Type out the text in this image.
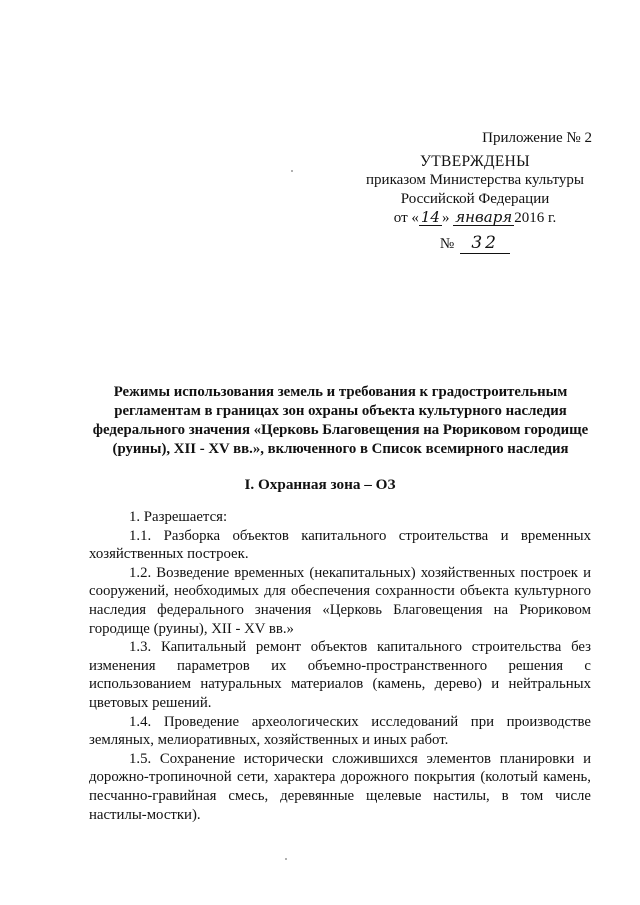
Приложение № 2
УТВЕРЖДЕНЫ
приказом Министерства культуры
Российской Федерации
от « 14 » января 2016 г.
№ 32
Режимы использования земель и требования к градостроительным регламентам в границах зон охраны объекта культурного наследия федерального значения «Церковь Благовещения на Рюриковом городище (руины), XII - XV вв.», включенного в Список всемирного наследия
I. Охранная зона – ОЗ

1. Разрешается:

1.1. Разборка объектов капитального строительства и временных хозяйственных построек.

1.2. Возведение временных (некапитальных) хозяйственных построек и сооружений, необходимых для обеспечения сохранности объекта культурного наследия федерального значения «Церковь Благовещения на Рюриковом городище (руины), XII - XV вв.»

1.3. Капитальный ремонт объектов капитального строительства без изменения параметров их объемно-пространственного решения с использованием натуральных материалов (камень, дерево) и нейтральных цветовых решений.

1.4. Проведение археологических исследований при производстве земляных, мелиоративных, хозяйственных и иных работ.

1.5. Сохранение исторически сложившихся элементов планировки и дорожно-тропиночной сети, характера дорожного покрытия (колотый камень, песчанно-гравийная смесь, деревянные щелевые настилы, в том числе настилы-мостки).
